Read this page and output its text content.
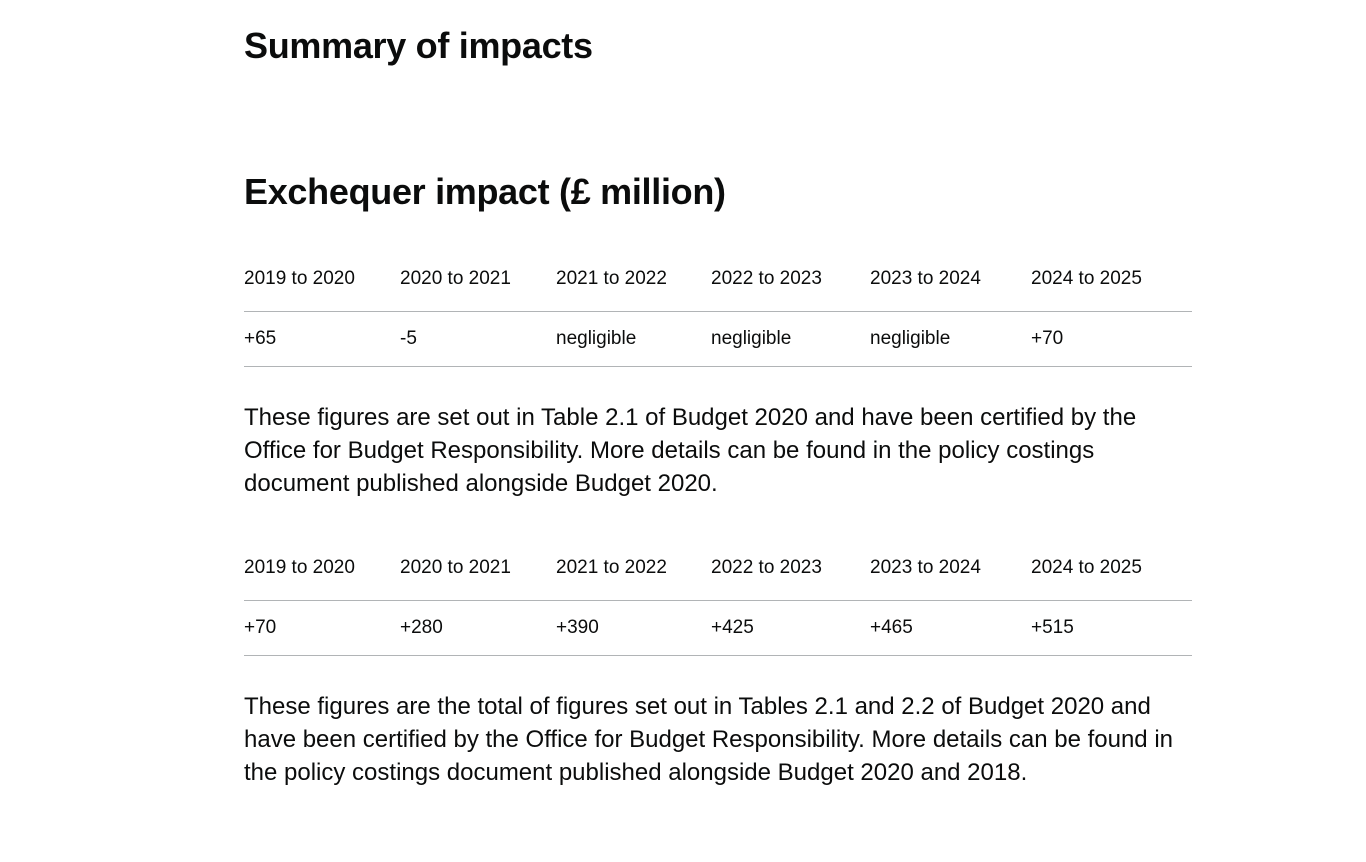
Summary of impacts
Exchequer impact (£ million)
2019 to 2020	2020 to 2021	2021 to 2022	2022 to 2023	2023 to 2024	2024 to 2025
+65	-5	negligible	negligible	negligible	+70

These figures are set out in Table 2.1 of Budget 2020 and have been certified by the Office for Budget Responsibility. More details can be found in the policy costings document published alongside Budget 2020.

2019 to 2020	2020 to 2021	2021 to 2022	2022 to 2023	2023 to 2024	2024 to 2025
+70	+280	+390	+425	+465	+515

These figures are the total of figures set out in Tables 2.1 and 2.2 of Budget 2020 and have been certified by the Office for Budget Responsibility. More details can be found in the policy costings document published alongside Budget 2020 and 2018.
